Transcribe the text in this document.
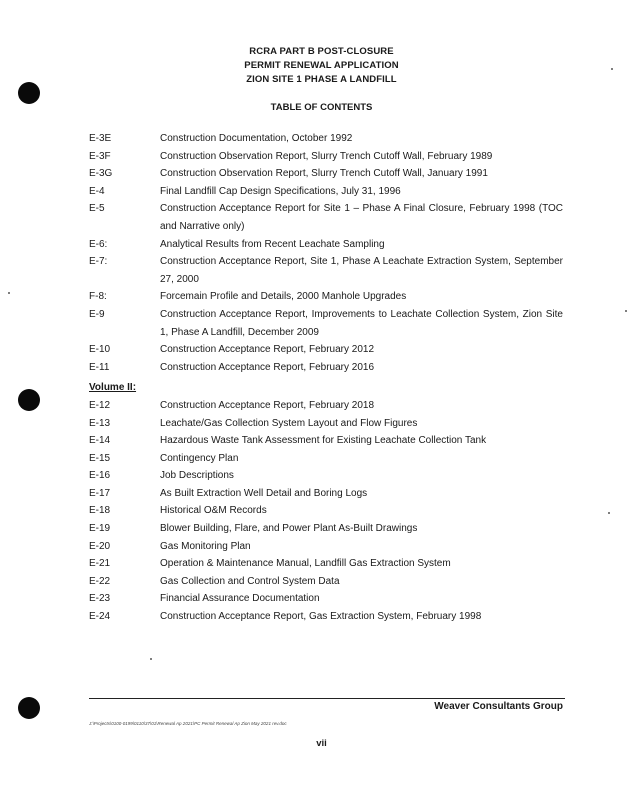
RCRA PART B POST-CLOSURE
PERMIT RENEWAL APPLICATION
ZION SITE 1 PHASE A LANDFILL
TABLE OF CONTENTS
E-3E	Construction Documentation, October 1992
E-3F	Construction Observation Report, Slurry Trench Cutoff Wall, February 1989
E-3G	Construction Observation Report, Slurry Trench Cutoff Wall, January 1991
E-4	Final Landfill Cap Design Specifications, July 31, 1996
E-5	Construction Acceptance Report for Site 1 – Phase A Final Closure, February 1998 (TOC and Narrative only)
E-6:	Analytical Results from Recent Leachate Sampling
E-7:	Construction Acceptance Report, Site 1, Phase A Leachate Extraction System, September 27, 2000
F-8:	Forcemain Profile and Details, 2000 Manhole Upgrades
E-9	Construction Acceptance Report, Improvements to Leachate Collection System, Zion Site 1, Phase A Landfill, December 2009
E-10	Construction Acceptance Report, February 2012
E-11	Construction Acceptance Report, February 2016
Volume II:
E-12	Construction Acceptance Report, February 2018
E-13	Leachate/Gas Collection System Layout and Flow Figures
E-14	Hazardous Waste Tank Assessment for Existing Leachate Collection Tank
E-15	Contingency Plan
E-16	Job Descriptions
E-17	As Built Extraction Well Detail and Boring Logs
E-18	Historical O&M Records
E-19	Blower Building, Flare, and Power Plant As-Built Drawings
E-20	Gas Monitoring Plan
E-21	Operation & Maintenance Manual, Landfill Gas Extraction System
E-22	Gas Collection and Control System Data
E-23	Financial Assurance Documentation
E-24	Construction Acceptance Report, Gas Extraction System, February 1998
Weaver Consultants Group
J:\Projects\0100-0199\0110\37\01\Renewal Ap 2021\PC Permit Renewal Ap Zion May 2021 rev.doc
vii
